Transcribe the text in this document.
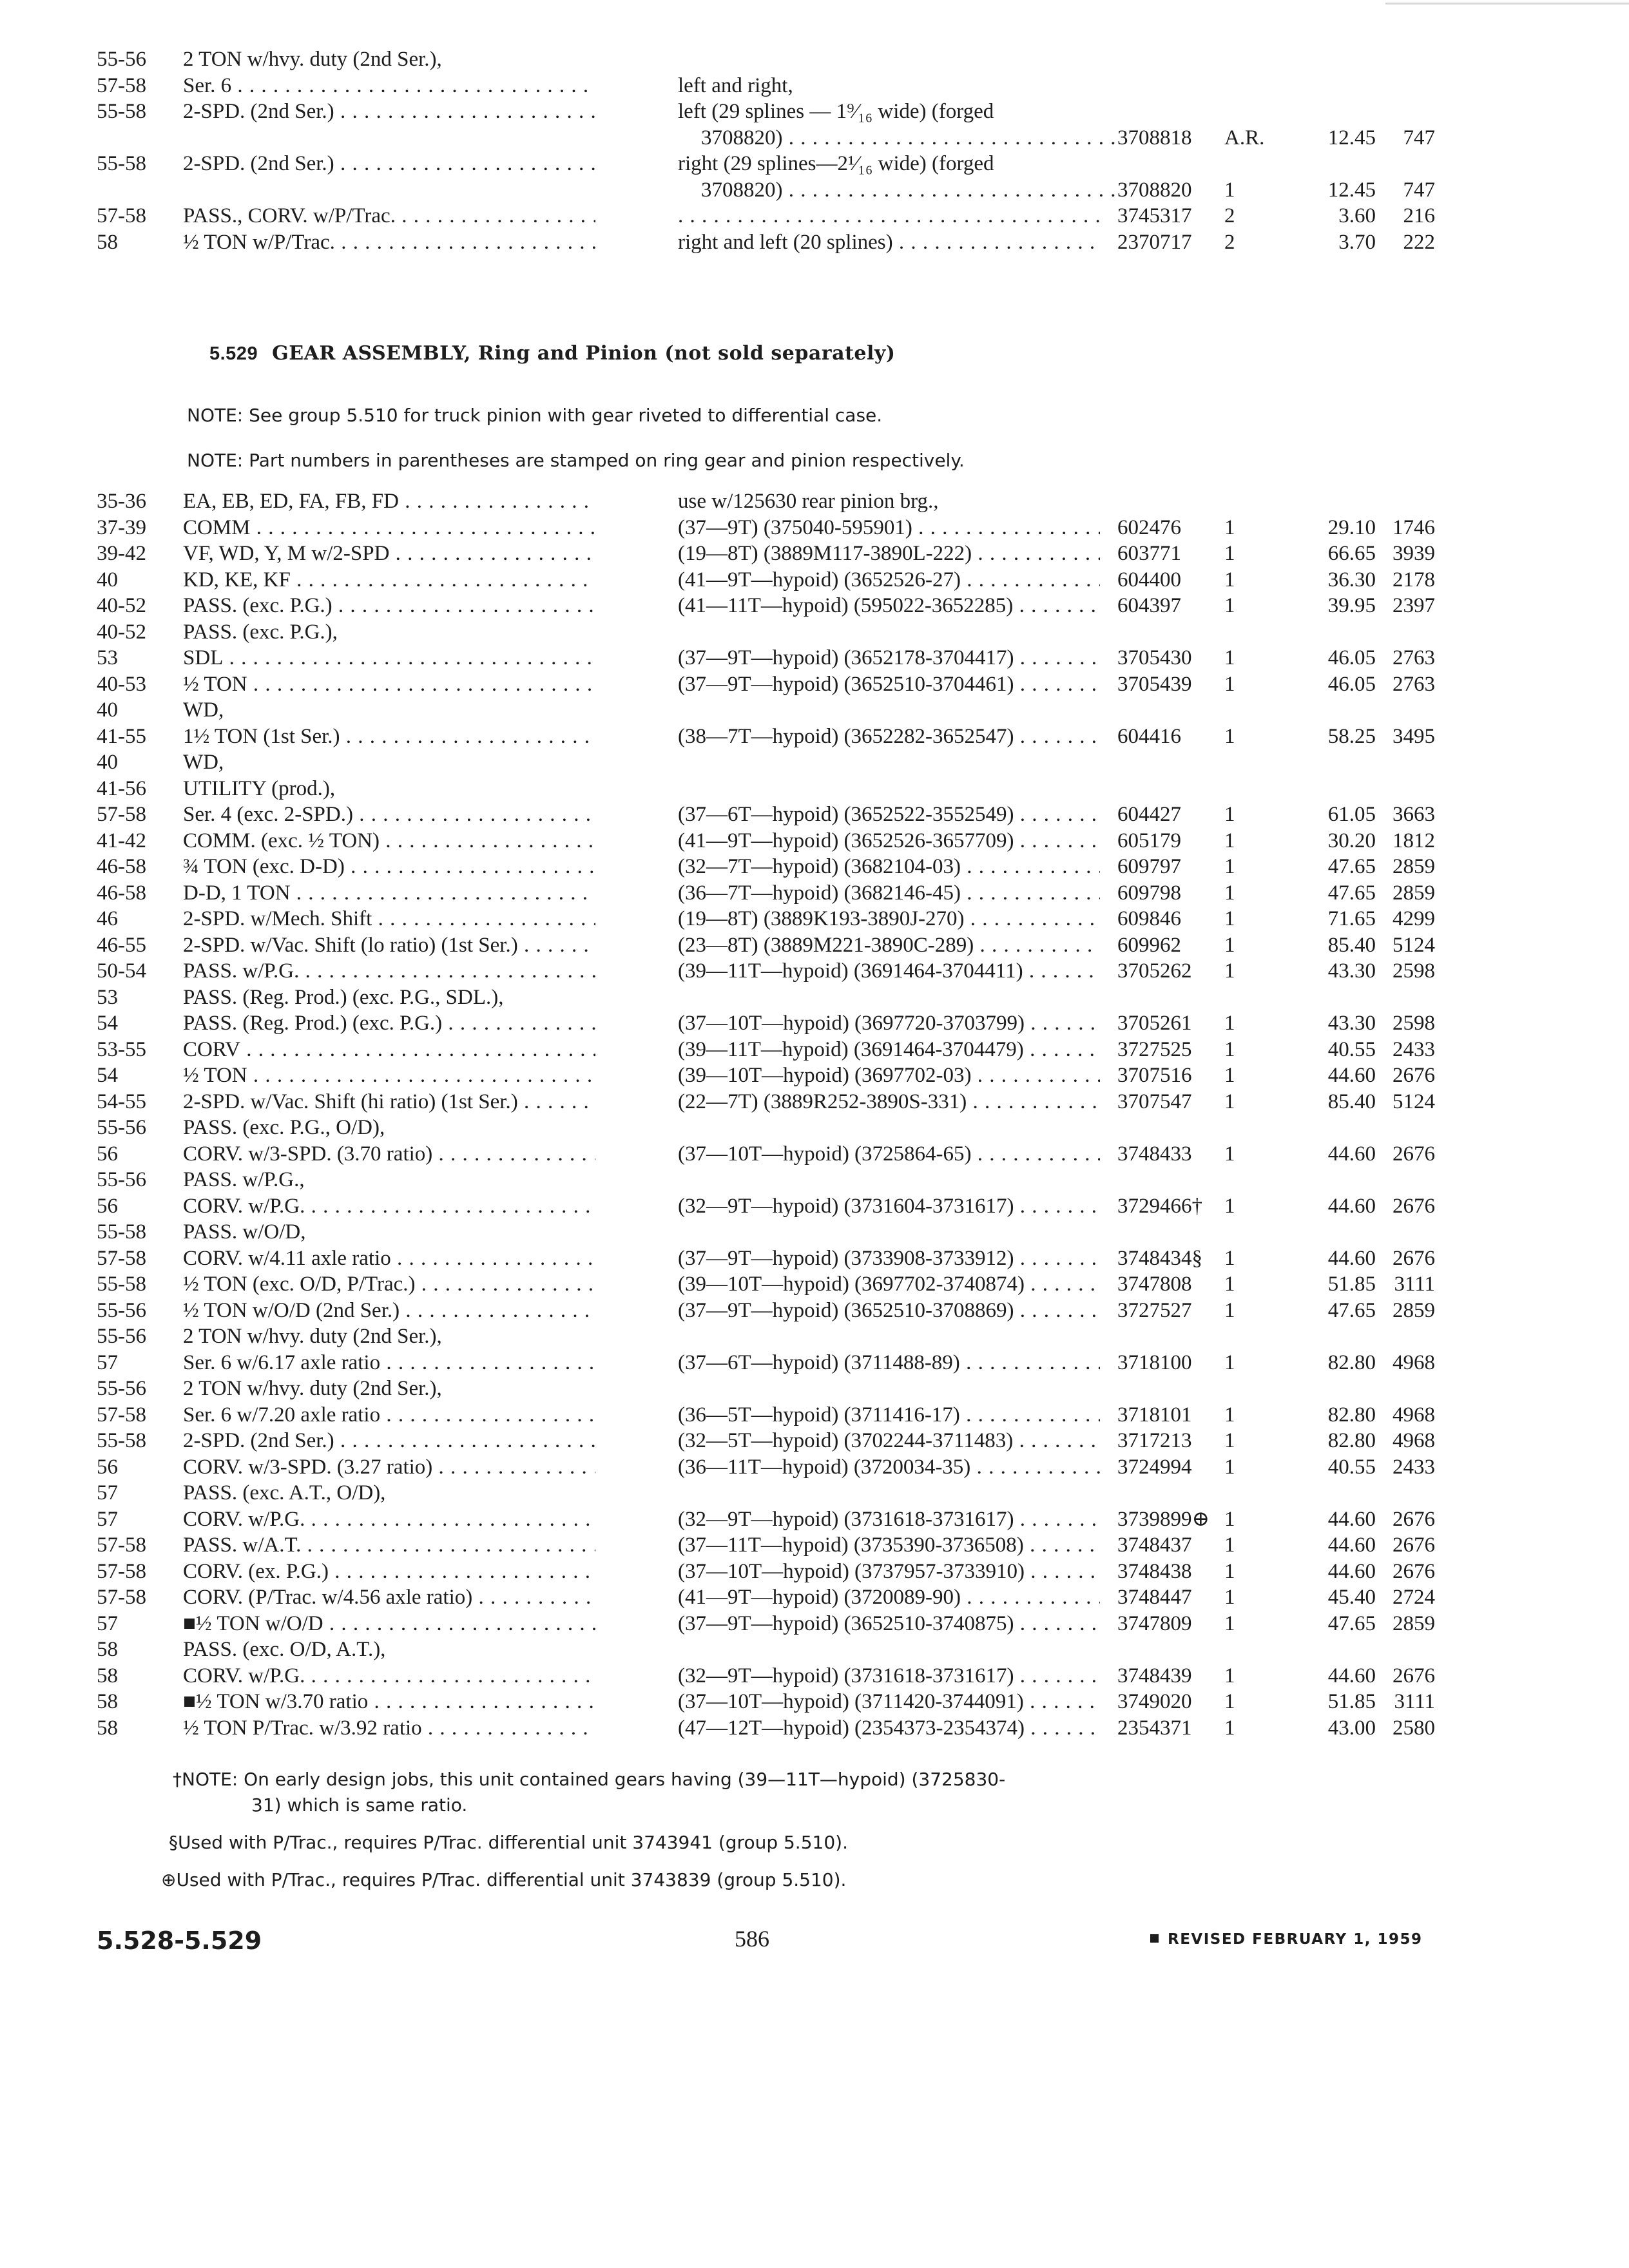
55-56 2 TON w/hvy. duty (2nd Ser.),
57-58 Ser. 6 . . .	left and right,
55-58 2-SPD. (2nd Ser.) . . .	left (29 splines — 1⁹⁄₁₆ wide) (forged
3708820) . . .	3708818 A.R.	12.45	747
55-58 2-SPD. (2nd Ser.) . . .	right (29 splines—2¹⁄₁₆ wide) (forged
3708820) . . .	3708820 1	12.45	747
57-58 PASS., CORV. w/P/Trac. . . .
. . .	3745317 2	3.60	216
58	½ TON w/P/Trac. . . .	right and left (20 splines) . . .	2370717 2	3.70	222
5.529 GEAR ASSEMBLY, Ring and Pinion (not sold separately)
NOTE: See group 5.510 for truck pinion with gear riveted to differential case.
NOTE: Part numbers in parentheses are stamped on ring gear and pinion respectively.
35-36 EA, EB, ED, FA, FB, FD . . .	use w/125630 rear pinion brg.,
37-39 COMM . . .	(37—9T) (375040-595901) . . .	602476 1	29.10 1746
39-42 VF, WD, Y, M w/2-SPD . . .	(19—8T) (3889M117-3890L-222) . . .	603771 1	66.65 3939
40	KD, KE, KF . . .	(41—9T—hypoid) (3652526-27) . . .	604400 1	36.30 2178
40-52 PASS. (exc. P.G.) . . .	(41—11T—hypoid) (595022-3652285) . . .	604397 1	39.95 2397
40-52 PASS. (exc. P.G.),
53	SDL . . .	(37—9T—hypoid) (3652178-3704417) . . .	3705430 1	46.05 2763
40-53 ½ TON . . .	(37—9T—hypoid) (3652510-3704461) . . .	3705439 1	46.05 2763
40	WD,
41-55 1½ TON (1st Ser.) . . .	(38—7T—hypoid) (3652282-3652547) . . .	604416 1	58.25 3495
40	WD,
41-56 UTILITY (prod.),
57-58 Ser. 4 (exc. 2-SPD.) . . .	(37—6T—hypoid) (3652522-3552549) . . .	604427 1	61.05 3663
41-42 COMM. (exc. ½ TON) . . .	(41—9T—hypoid) (3652526-3657709) . . .	605179 1	30.20 1812
46-58 ¾ TON (exc. D-D) . . .	(32—7T—hypoid) (3682104-03) . . .	609797 1	47.65 2859
46-58 D-D, 1 TON . . .	(36—7T—hypoid) (3682146-45) . . .	609798 1	47.65 2859
46	2-SPD. w/Mech. Shift . . .	(19—8T) (3889K193-3890J-270) . . .	609846 1	71.65 4299
46-55 2-SPD. w/Vac. Shift (lo ratio) (1st Ser.) . . .	(23—8T) (3889M221-3890C-289) . . .	609962 1	85.40 5124
50-54 PASS. w/P.G. . . .	(39—11T—hypoid) (3691464-3704411) . . .	3705262 1	43.30 2598
53	PASS. (Reg. Prod.) (exc. P.G., SDL.),
54	PASS. (Reg. Prod.) (exc. P.G.) . . .	(37—10T—hypoid) (3697720-3703799) . . .	3705261 1	43.30 2598
53-55 CORV . . .	(39—11T—hypoid) (3691464-3704479) . . .	3727525 1	40.55 2433
54	½ TON . . .	(39—10T—hypoid) (3697702-03) . . .	3707516 1	44.60 2676
54-55 2-SPD. w/Vac. Shift (hi ratio) (1st Ser.) . . .	(22—7T) (3889R252-3890S-331) . . .	3707547 1	85.40 5124
55-56 PASS. (exc. P.G., O/D),
56	CORV. w/3-SPD. (3.70 ratio) . . .	(37—10T—hypoid) (3725864-65) . . .	3748433 1	44.60 2676
55-56 PASS. w/P.G.,
56	CORV. w/P.G. . . .	(32—9T—hypoid) (3731604-3731617) . . .	3729466† 1	44.60 2676
55-58 PASS. w/O/D,
57-58 CORV. w/4.11 axle ratio . . .	(37—9T—hypoid) (3733908-3733912) . . .	3748434§ 1	44.60 2676
55-58 ½ TON (exc. O/D, P/Trac.) . . .	(39—10T—hypoid) (3697702-3740874) . . .	3747808 1	51.85 3111
55-56 ½ TON w/O/D (2nd Ser.) . . .	(37—9T—hypoid) (3652510-3708869) . . .	3727527 1	47.65 2859
55-56 2 TON w/hvy. duty (2nd Ser.),
57	Ser. 6 w/6.17 axle ratio . . .	(37—6T—hypoid) (3711488-89) . . .	3718100 1	82.80 4968
55-56 2 TON w/hvy. duty (2nd Ser.),
57-58 Ser. 6 w/7.20 axle ratio . . .	(36—5T—hypoid) (3711416-17) . . .	3718101 1	82.80 4968
55-58 2-SPD. (2nd Ser.) . . .	(32—5T—hypoid) (3702244-3711483) . . .	3717213 1	82.80 4968
56	CORV. w/3-SPD. (3.27 ratio) . . .	(36—11T—hypoid) (3720034-35) . . .	3724994 1	40.55 2433
57	PASS. (exc. A.T., O/D),
57	CORV. w/P.G. . . .	(32—9T—hypoid) (3731618-3731617) . . .	3739899⊕ 1	44.60 2676
57-58 PASS. w/A.T. . . .	(37—11T—hypoid) (3735390-3736508) . . .	3748437 1	44.60 2676
57-58 CORV. (ex. P.G.) . . .	(37—10T—hypoid) (3737957-3733910) . . .	3748438 1	44.60 2676
57-58 CORV. (P/Trac. w/4.56 axle ratio) . . .	(41—9T—hypoid) (3720089-90) . . .	3748447 1	45.40 2724
57	■½ TON w/O/D . . .	(37—9T—hypoid) (3652510-3740875) . . .	3747809 1	47.65 2859
58	PASS. (exc. O/D, A.T.),
58	CORV. w/P.G. . . .	(32—9T—hypoid) (3731618-3731617) . . .	3748439 1	44.60 2676
58	■½ TON w/3.70 ratio . . .	(37—10T—hypoid) (3711420-3744091) . . .	3749020 1	51.85 3111
58	½ TON P/Trac. w/3.92 ratio . . .	(47—12T—hypoid) (2354373-2354374) . . .	2354371 1	43.00 2580
†NOTE: On early design jobs, this unit contained gears having (39—11T—hypoid) (3725830-
31) which is same ratio.
§Used with P/Trac., requires P/Trac. differential unit 3743941 (group 5.510).
⊕Used with P/Trac., requires P/Trac. differential unit 3743839 (group 5.510).
5.528-5.529	586	REVISED FEBRUARY 1, 1959
